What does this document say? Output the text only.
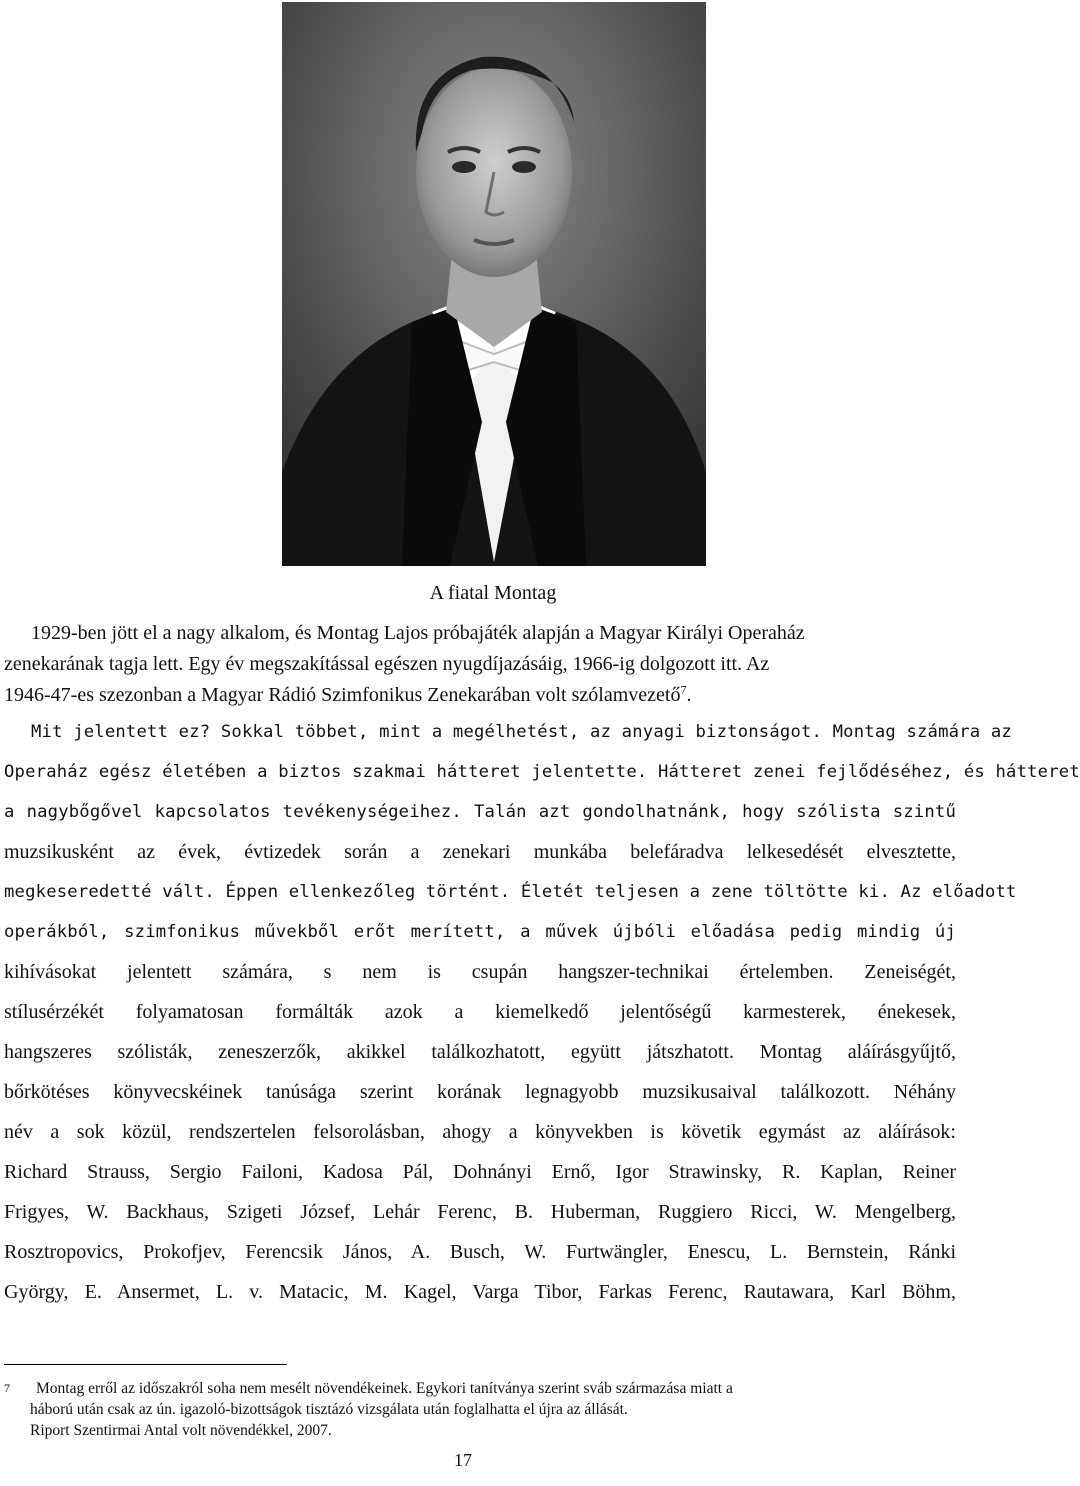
A fiatal Montag
1929-ben jött el a nagy alkalom, és Montag Lajos próbajáték alapján a Magyar Királyi Operaház
zenekarának tagja lett. Egy év megszakítással egészen nyugdíjazásáig, 1966-ig dolgozott itt. Az
1946-47-es szezonban a Magyar Rádió Szimfonikus Zenekarában volt szólamvezető$^7$.
Mit jelentett ez? Sokkal többet, mint a megélhetést, az anyagi biztonságot. Montag számára az
Operaház egész életében a biztos szakmai hátteret jelentette. Hátteret zenei fejlődéséhez, és hátteret
a nagybőgővel kapcsolatos tevékenységeihez. Talán azt gondolhatnánk, hogy szólista szintű
muzsikusként az évek, évtizedek során a zenekari munkába belefáradva lelkesedését elvesztette,
megkeseredetté vált. Éppen ellenkezőleg történt. Életét teljesen a zene töltötte ki. Az előadott
operákból, szimfonikus művekből erőt merített, a művek újbóli előadása pedig mindig új
kihívásokat jelentett számára, s nem is csupán hangszer-technikai értelemben. Zeneiségét,
stílusérzékét folyamatosan formálták azok a kiemelkedő jelentőségű karmesterek, énekesek,
hangszeres szólisták, zeneszerzők, akikkel találkozhatott, együtt játszhatott. Montag aláírásgyűjtő,
bőrkötéses könyvecskéinek tanúsága szerint korának legnagyobb muzsikusaival találkozott. Néhány
név a sok közül, rendszertelen felsorolásban, ahogy a könyvekben is követik egymást az aláírások:
Richard Strauss, Sergio Failoni, Kadosa Pál, Dohnányi Ernő, Igor Strawinsky, R. Kaplan, Reiner
Frigyes, W. Backhaus, Szigeti József, Lehár Ferenc, B. Huberman, Ruggiero Ricci, W. Mengelberg,
Rosztropovics, Prokofjev, Ferencsik János, A. Busch, W. Furtwängler, Enescu, L. Bernstein, Ránki
György, E. Ansermet, L. v. Matacic, M. Kagel, Varga Tibor, Farkas Ferenc, Rautawara, Karl Böhm,
7	Montag erről az időszakról soha nem mesélt növendékeinek. Egykori tanítványa szerint sváb származása miatt a
háború után csak az ún. igazoló-bizottságok tisztázó vizsgálata után foglalhatta el újra az állását.
Riport Szentirmai Antal volt növendékkel, 2007.
17
